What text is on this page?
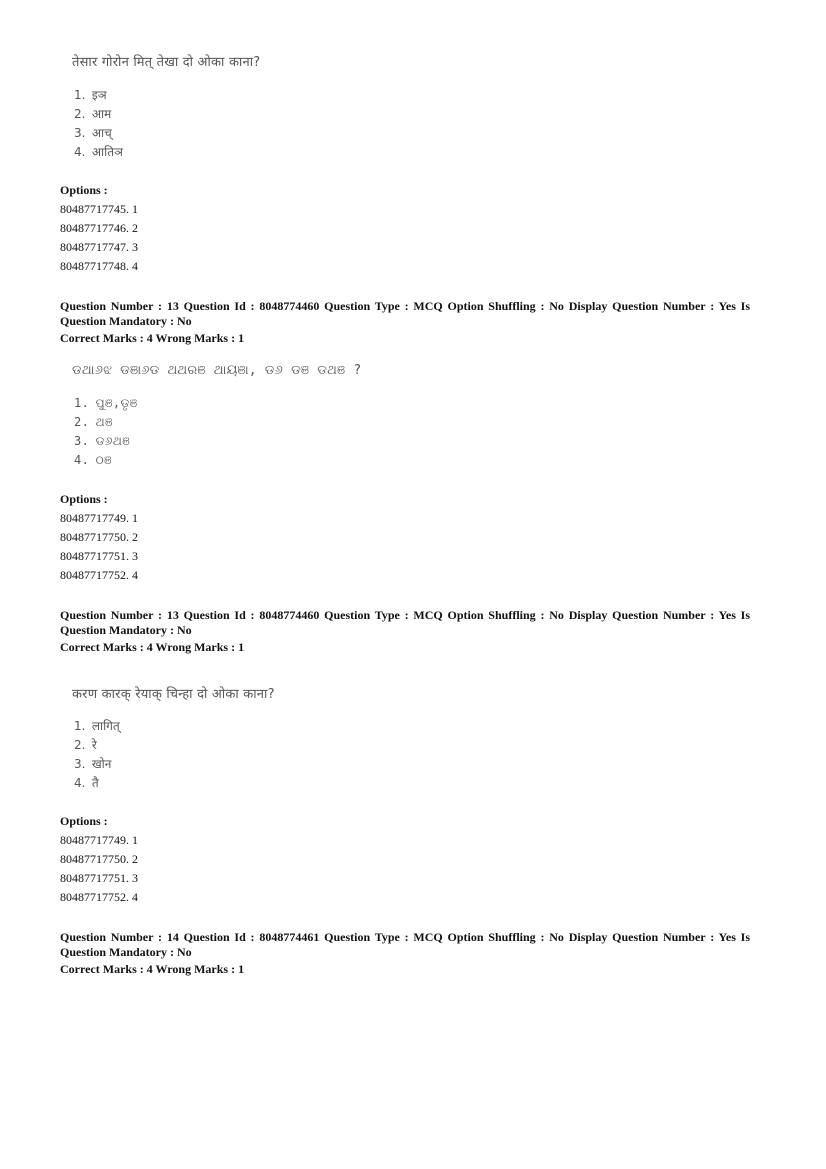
तेसार गोरोन मित् तेखा दो ओका काना?
1. इञ
2. आम
3. आच्
4. आतिञ
Options :
80487717745. 1
80487717746. 2
80487717747. 3
80487717748. 4
Question Number : 13 Question Id : 8048774460 Question Type : MCQ Option Shuffling : No Display Question Number : Yes Is Question Mandatory : No
Correct Marks : 4 Wrong Marks : 1
ଡଥା୬ଝ ଡଞା୬ଡ ଥଥରଞ ଥାୟଞା, ଡ୬ ଡଞ ଡଥଞ ?
1. ପୁଞ,ଡୃଞ
2. ଥଞ
3. ଡ୬ଥଞ
4. ଠଞ
Options :
80487717749. 1
80487717750. 2
80487717751. 3
80487717752. 4
Question Number : 13 Question Id : 8048774460 Question Type : MCQ Option Shuffling : No Display Question Number : Yes Is Question Mandatory : No
Correct Marks : 4 Wrong Marks : 1
करण कारक् रेयाक् चिन्हा दो ओका काना?
1. लागित्
2. रे
3. खोन
4. तै
Options :
80487717749. 1
80487717750. 2
80487717751. 3
80487717752. 4
Question Number : 14 Question Id : 8048774461 Question Type : MCQ Option Shuffling : No Display Question Number : Yes Is Question Mandatory : No
Correct Marks : 4 Wrong Marks : 1
